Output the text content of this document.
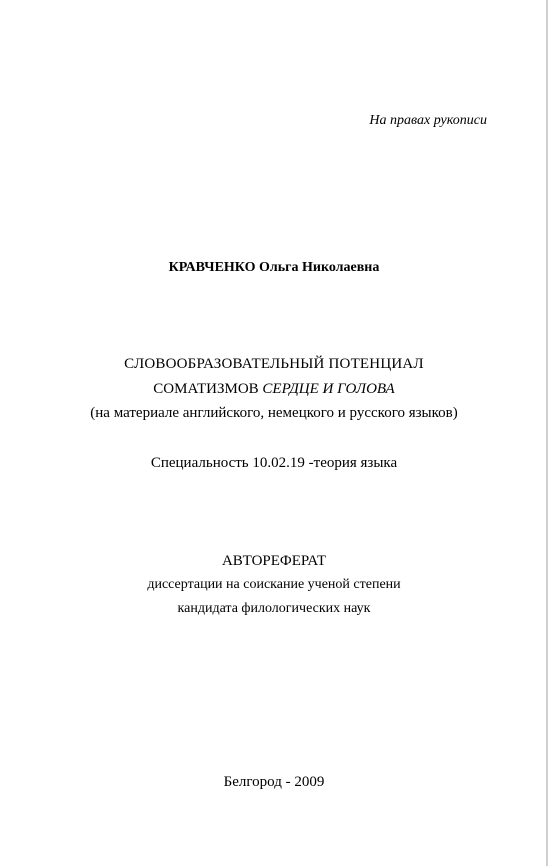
На правах рукописи
КРАВЧЕНКО Ольга Николаевна
СЛОВООБРАЗОВАТЕЛЬНЫЙ ПОТЕНЦИАЛ
СОМАТИЗМОВ СЕРДЦЕ И ГОЛОВА
(на материале английского, немецкого и русского языков)
Специальность 10.02.19 -теория языка
АВТОРЕФЕРАТ
диссертации на соискание ученой степени
кандидата филологических наук
Белгород - 2009
